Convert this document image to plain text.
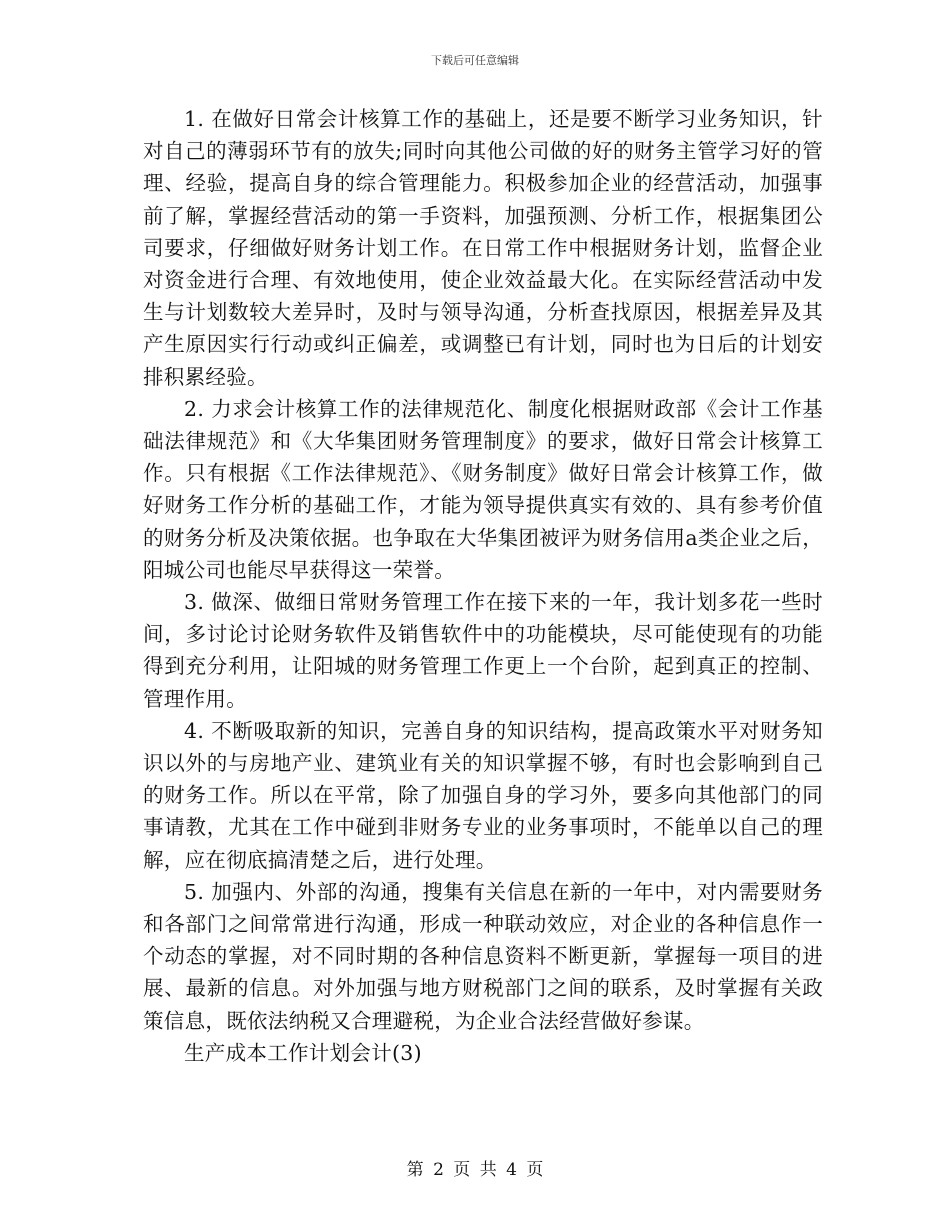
下载后可任意编辑

1. 在做好日常会计核算工作的基础上，还是要不断学习业务知识，针对自己的薄弱环节有的放失;同时向其他公司做的好的财务主管学习好的管理、经验，提高自身的综合管理能力。积极参加企业的经营活动，加强事前了解，掌握经营活动的第一手资料，加强预测、分析工作，根据集团公司要求，仔细做好财务计划工作。在日常工作中根据财务计划，监督企业对资金进行合理、有效地使用，使企业效益最大化。在实际经营活动中发生与计划数较大差异时，及时与领导沟通，分析查找原因，根据差异及其产生原因实行行动或纠正偏差，或调整已有计划，同时也为日后的计划安排积累经验。

2. 力求会计核算工作的法律规范化、制度化根据财政部《会计工作基础法律规范》和《大华集团财务管理制度》的要求，做好日常会计核算工作。只有根据《工作法律规范》、《财务制度》做好日常会计核算工作，做好财务工作分析的基础工作，才能为领导提供真实有效的、具有参考价值的财务分析及决策依据。也争取在大华集团被评为财务信用a类企业之后，阳城公司也能尽早获得这一荣誉。

3. 做深、做细日常财务管理工作在接下来的一年，我计划多花一些时间，多讨论讨论财务软件及销售软件中的功能模块，尽可能使现有的功能得到充分利用，让阳城的财务管理工作更上一个台阶，起到真正的控制、管理作用。

4. 不断吸取新的知识，完善自身的知识结构，提高政策水平对财务知识以外的与房地产业、建筑业有关的知识掌握不够，有时也会影响到自己的财务工作。所以在平常，除了加强自身的学习外，要多向其他部门的同事请教，尤其在工作中碰到非财务专业的业务事项时，不能单以自己的理解，应在彻底搞清楚之后，进行处理。

5. 加强内、外部的沟通，搜集有关信息在新的一年中，对内需要财务和各部门之间常常进行沟通，形成一种联动效应，对企业的各种信息作一个动态的掌握，对不同时期的各种信息资料不断更新，掌握每一项目的进展、最新的信息。对外加强与地方财税部门之间的联系，及时掌握有关政策信息，既依法纳税又合理避税，为企业合法经营做好参谋。

生产成本工作计划会计(3)

第 2 页 共 4 页
